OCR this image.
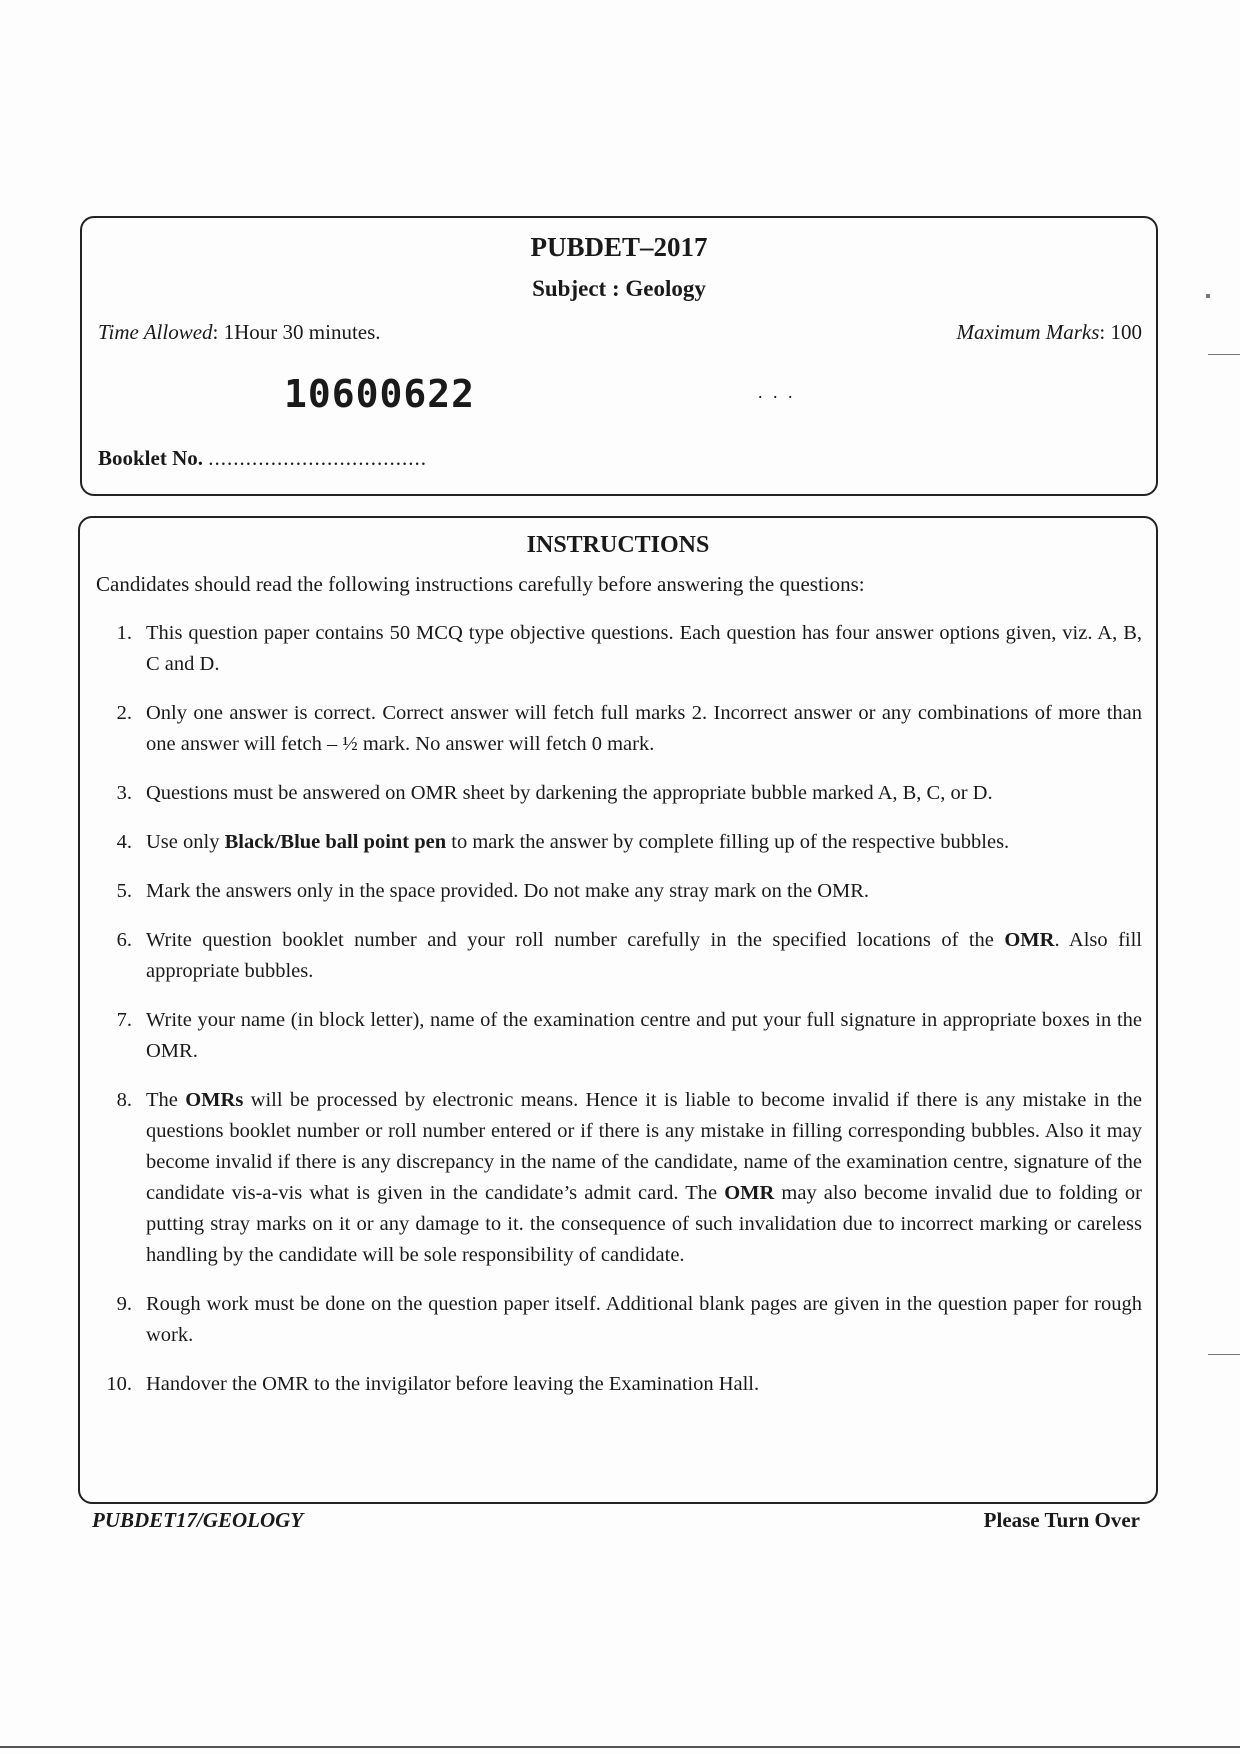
PUBDET–2017
Subject : Geology
Time Allowed: 1Hour 30 minutes.	Maximum Marks: 100
10600622	. . .
Booklet No. ...................................
INSTRUCTIONS
Candidates should read the following instructions carefully before answering the questions:
1. This question paper contains 50 MCQ type objective questions. Each question has four answer options given, viz. A, B, C and D.
2. Only one answer is correct. Correct answer will fetch full marks 2. Incorrect answer or any combinations of more than one answer will fetch – ½ mark. No answer will fetch 0 mark.
3. Questions must be answered on OMR sheet by darkening the appropriate bubble marked A, B, C, or D.
4. Use only Black/Blue ball point pen to mark the answer by complete filling up of the respective bubbles.
5. Mark the answers only in the space provided. Do not make any stray mark on the OMR.
6. Write question booklet number and your roll number carefully in the specified locations of the OMR. Also fill appropriate bubbles.
7. Write your name (in block letter), name of the examination centre and put your full signature in appropriate boxes in the OMR.
8. The OMRs will be processed by electronic means. Hence it is liable to become invalid if there is any mistake in the questions booklet number or roll number entered or if there is any mistake in filling corresponding bubbles. Also it may become invalid if there is any discrepancy in the name of the candidate, name of the examination centre, signature of the candidate vis-a-vis what is given in the candidate’s admit card. The OMR may also become invalid due to folding or putting stray marks on it or any damage to it. the consequence of such invalidation due to incorrect marking or careless handling by the candidate will be sole responsibility of candidate.
9. Rough work must be done on the question paper itself. Additional blank pages are given in the question paper for rough work.
10. Handover the OMR to the invigilator before leaving the Examination Hall.
PUBDET17/GEOLOGY	Please Turn Over
